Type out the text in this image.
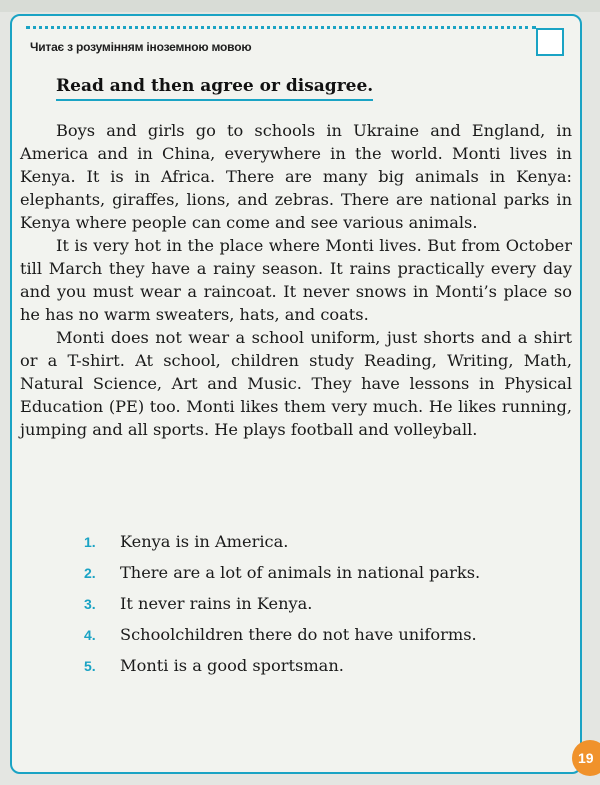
Читає з розумінням іноземною мовою
Read and then agree or disagree.

Boys and girls go to schools in Ukraine and England, in America and in China, everywhere in the world. Monti lives in Kenya. It is in Africa. There are many big animals in Kenya: elephants, giraffes, lions, and zebras. There are national parks in Kenya where people can come and see various animals.

It is very hot in the place where Monti lives. But from October till March they have a rainy season. It rains practically every day and you must wear a raincoat. It never snows in Monti’s place so he has no warm sweaters, hats, and coats.

Monti does not wear a school uniform, just shorts and a shirt or a T-shirt. At school, children study Reading, Writing, Math, Natural Science, Art and Music. They have lessons in Physical Education (PE) too. Monti likes them very much. He likes running, jumping and all sports. He plays football and volleyball.

1.	Kenya is in America.
2.	There are a lot of animals in national parks.
3.	It never rains in Kenya.
4.	Schoolchildren there do not have uniforms.
5.	Monti is a good sportsman.
19
